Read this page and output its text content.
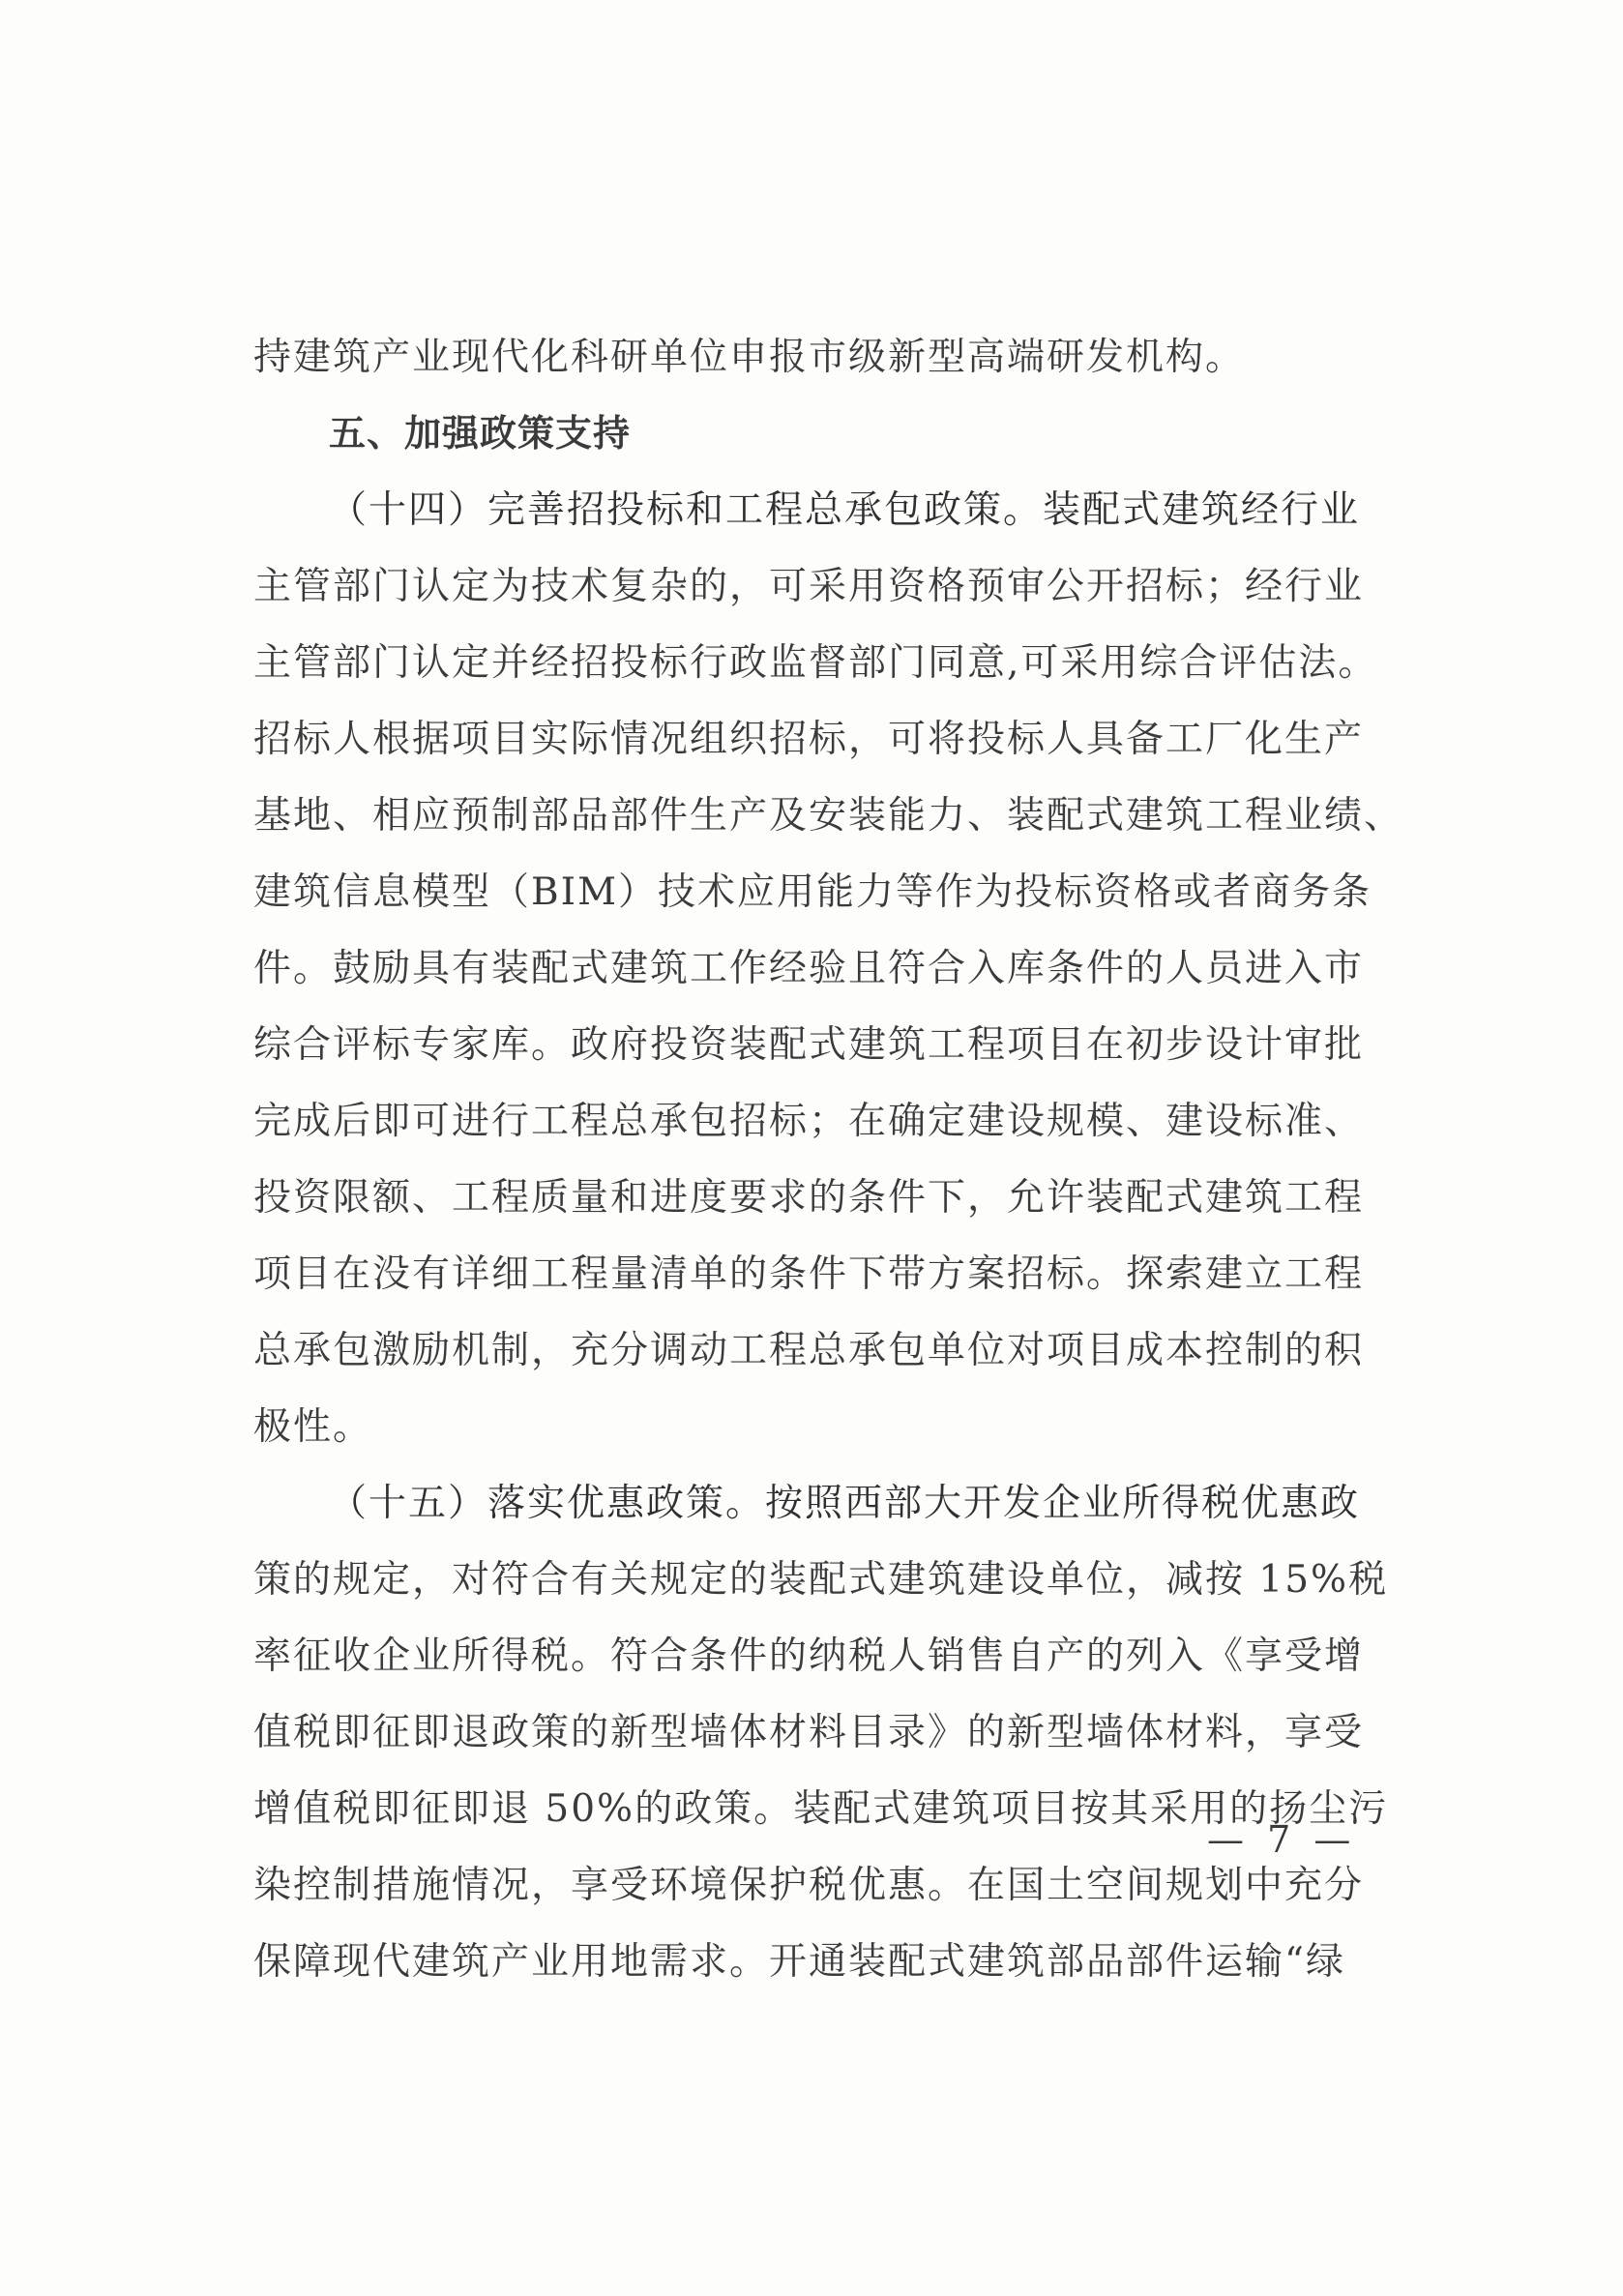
持建筑产业现代化科研单位申报市级新型高端研发机构。
五、加强政策支持
（十四）完善招投标和工程总承包政策。装配式建筑经行业
主管部门认定为技术复杂的，可采用资格预审公开招标；经行业
主管部门认定并经招投标行政监督部门同意,可采用综合评估法。
招标人根据项目实际情况组织招标，可将投标人具备工厂化生产
基地、相应预制部品部件生产及安装能力、装配式建筑工程业绩、
建筑信息模型（BIM）技术应用能力等作为投标资格或者商务条
件。鼓励具有装配式建筑工作经验且符合入库条件的人员进入市
综合评标专家库。政府投资装配式建筑工程项目在初步设计审批
完成后即可进行工程总承包招标；在确定建设规模、建设标准、
投资限额、工程质量和进度要求的条件下，允许装配式建筑工程
项目在没有详细工程量清单的条件下带方案招标。探索建立工程
总承包激励机制，充分调动工程总承包单位对项目成本控制的积
极性。
（十五）落实优惠政策。按照西部大开发企业所得税优惠政
策的规定，对符合有关规定的装配式建筑建设单位，减按 15%税
率征收企业所得税。符合条件的纳税人销售自产的列入《享受增
值税即征即退政策的新型墙体材料目录》的新型墙体材料，享受
增值税即征即退 50%的政策。装配式建筑项目按其采用的扬尘污
染控制措施情况，享受环境保护税优惠。在国土空间规划中充分
保障现代建筑产业用地需求。开通装配式建筑部品部件运输“绿
— 7 —
